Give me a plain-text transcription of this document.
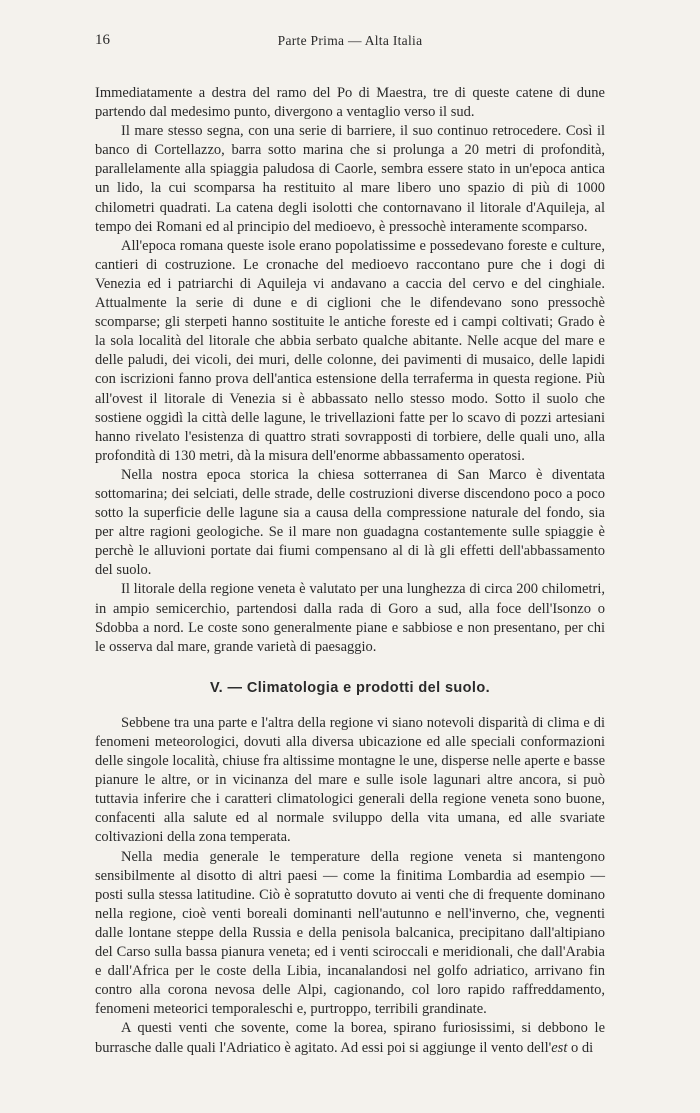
16	Parte Prima — Alta Italia

Immediatamente a destra del ramo del Po di Maestra, tre di queste catene di dune partendo dal medesimo punto, divergono a ventaglio verso il sud.

Il mare stesso segna, con una serie di barriere, il suo continuo retrocedere. Così il banco di Cortellazzo, barra sotto marina che si prolunga a 20 metri di profondità, parallelamente alla spiaggia paludosa di Caorle, sembra essere stato in un'epoca antica un lido, la cui scomparsa ha restituito al mare libero uno spazio di più di 1000 chilometri quadrati. La catena degli isolotti che contornavano il litorale d'Aquileja, al tempo dei Romani ed al principio del medioevo, è pressochè interamente scomparso.

All'epoca romana queste isole erano popolatissime e possedevano foreste e culture, cantieri di costruzione. Le cronache del medioevo raccontano pure che i dogi di Venezia ed i patriarchi di Aquileja vi andavano a caccia del cervo e del cinghiale. Attualmente la serie di dune e di ciglioni che le difendevano sono pressochè scomparse; gli sterpeti hanno sostituite le antiche foreste ed i campi coltivati; Grado è la sola località del litorale che abbia serbato qualche abitante. Nelle acque del mare e delle paludi, dei vicoli, dei muri, delle colonne, dei pavimenti di musaico, delle lapidi con iscrizioni fanno prova dell'antica estensione della terraferma in questa regione. Più all'ovest il litorale di Venezia si è abbassato nello stesso modo. Sotto il suolo che sostiene oggidì la città delle lagune, le trivellazioni fatte per lo scavo di pozzi artesiani hanno rivelato l'esistenza di quattro strati sovrapposti di torbiere, delle quali uno, alla profondità di 130 metri, dà la misura dell'enorme abbassamento operatosi.

Nella nostra epoca storica la chiesa sotterranea di San Marco è diventata sottomarina; dei selciati, delle strade, delle costruzioni diverse discendono poco a poco sotto la superficie delle lagune sia a causa della compressione naturale del fondo, sia per altre ragioni geologiche. Se il mare non guadagna costantemente sulle spiaggie è perchè le alluvioni portate dai fiumi compensano al di là gli effetti dell'abbassamento del suolo.

Il litorale della regione veneta è valutato per una lunghezza di circa 200 chilometri, in ampio semicerchio, partendosi dalla rada di Goro a sud, alla foce dell'Isonzo o Sdobba a nord. Le coste sono generalmente piane e sabbiose e non presentano, per chi le osserva dal mare, grande varietà di paesaggio.

V. — Climatologia e prodotti del suolo.

Sebbene tra una parte e l'altra della regione vi siano notevoli disparità di clima e di fenomeni meteorologici, dovuti alla diversa ubicazione ed alle speciali conformazioni delle singole località, chiuse fra altissime montagne le une, disperse nelle aperte e basse pianure le altre, or in vicinanza del mare e sulle isole lagunari altre ancora, si può tuttavia inferire che i caratteri climatologici generali della regione veneta sono buone, confacenti alla salute ed al normale sviluppo della vita umana, ed alle svariate coltivazioni della zona temperata.

Nella media generale le temperature della regione veneta si mantengono sensibilmente al disotto di altri paesi — come la finitima Lombardia ad esempio — posti sulla stessa latitudine. Ciò è sopratutto dovuto ai venti che di frequente dominano nella regione, cioè venti boreali dominanti nell'autunno e nell'inverno, che, vegnenti dalle lontane steppe della Russia e della penisola balcanica, precipitano dall'altipiano del Carso sulla bassa pianura veneta; ed i venti sciroccali e meridionali, che dall'Arabia e dall'Africa per le coste della Libia, incanalandosi nel golfo adriatico, arrivano fin contro alla corona nevosa delle Alpi, cagionando, col loro rapido raffreddamento, fenomeni meteorici temporaleschi e, purtroppo, terribili grandinate.

A questi venti che sovente, come la borea, spirano furiosissimi, si debbono le burrasche dalle quali l'Adriatico è agitato. Ad essi poi si aggiunge il vento dell'est o di
